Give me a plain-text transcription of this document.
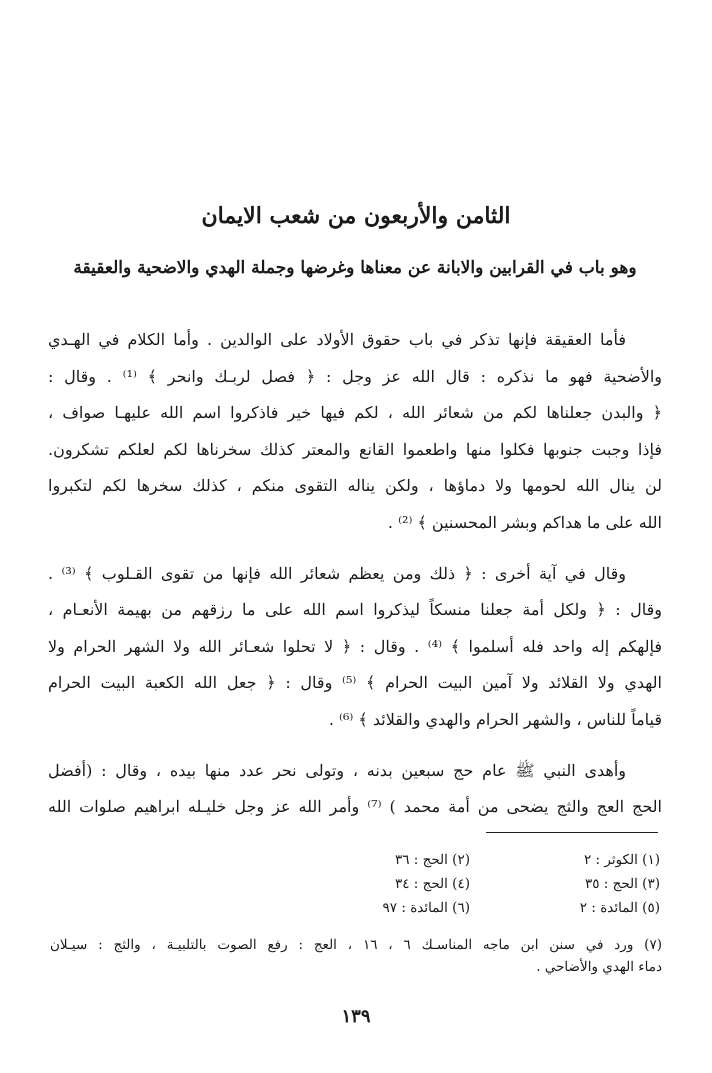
الثامن والأربعون من شعب الايمان
وهو باب في القرابين والابانة عن معناها وغرضها وجملة الهدي والاضحية والعقيقة
فأما العقيقة فإنها تذكر في باب حقوق الأولاد على الوالدين . وأما الكلام في الهـدي
والأضحية فهو ما نذكره : قال الله عز وجل : ﴿ فصل لربـك وانحر ﴾ ⁽¹⁾ . وقال :
﴿ والبدن جعلناها لكم من شعائر الله ، لكم فيها خير فاذكروا اسم الله عليهـا صواف ،
فإذا وجبت جنوبها فكلوا منها واطعموا القانع والمعتر كذلك سخرناها لكم لعلكم تشكرون.
لن ينال الله لحومها ولا دماؤها ، ولكن يناله التقوى منكم ، كذلك سخرها لكم لتكبروا
الله على ما هداكم وبشر المحسنين ﴾ ⁽²⁾ .
وقال في آية أخرى : ﴿ ذلك ومن يعظم شعائر الله فإنها من تقوى القـلوب ﴾ ⁽³⁾ .
وقال : ﴿ ولكل أمة جعلنا منسكاً ليذكروا اسم الله على ما رزقهم من بهيمة الأنعـام ،
فإلهكم إله واحد فله أسلموا ﴾ ⁽⁴⁾ . وقال : ﴿ لا تحلوا شعـائر الله ولا الشهر الحرام ولا
الهدي ولا القلائد ولا آمين البيت الحرام ﴾ ⁽⁵⁾ وقال : ﴿ جعل الله الكعبة البيت الحرام
قياماً للناس ، والشهر الحرام والهدي والقلائد ﴾ ⁽⁶⁾ .
وأهدى النبي ﷺ عام حج سبعين بدنه ، وتولى نحر عدد منها بيده ، وقال : (أفضل
الحج العج والثج يضحى من أمة محمد ) ⁽⁷⁾ وأمر الله عز وجل خليـله ابراهيم صلوات الله
(١) الكوثر : ٢
(٢) الحج : ٣٦
(٣) الحج : ٣٥
(٤) الحج : ٣٤
(٥) المائدة : ٢
(٦) المائدة : ٩٧
(٧) ورد في سنن ابن ماجه المناسـك ٦ ، ١٦ ، العج : رفع الصوت بالتلبيـة ، والثج : سيـلان
دماء الهدي والأضاحي .
١٣٩
